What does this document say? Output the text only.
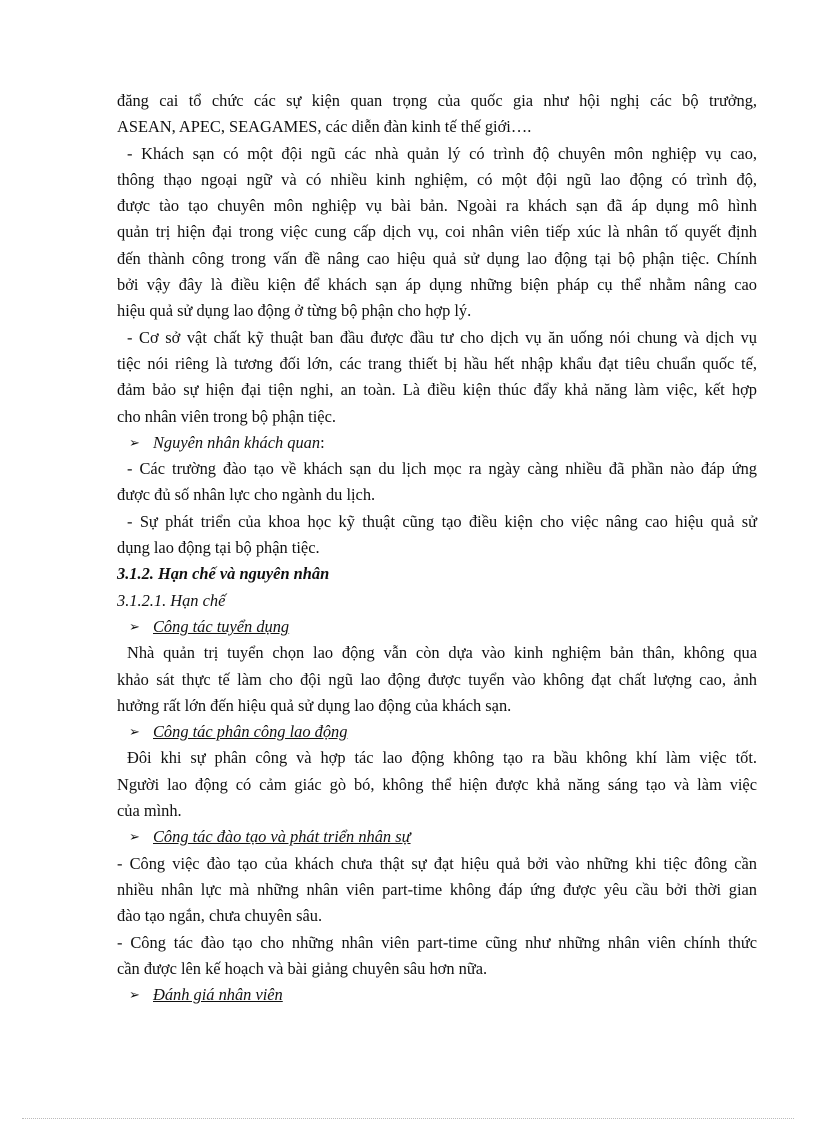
đăng cai tổ chức các sự kiện quan trọng của quốc gia như hội nghị các bộ trưởng,
ASEAN, APEC, SEAGAMES, các diễn đàn kinh tế thế giới….
- Khách sạn có một đội ngũ các nhà quản lý có trình độ chuyên môn nghiệp vụ cao,
thông thạo ngoại ngữ và có nhiều kinh nghiệm, có một đội ngũ lao động có trình độ,
được tào tạo chuyên môn nghiệp vụ bài bản. Ngoài ra khách sạn đã áp dụng mô hình
quản trị hiện đại trong việc cung cấp dịch vụ, coi nhân viên tiếp xúc là nhân tố quyết định
đến thành công trong vấn đề nâng cao hiệu quả sử dụng lao động tại bộ phận tiệc. Chính
bởi vậy đây là điều kiện để khách sạn áp dụng những biện pháp cụ thể nhằm nâng cao
hiệu quả sử dụng lao động ở từng bộ phận cho hợp lý.
- Cơ sở vật chất kỹ thuật ban đầu được đầu tư cho dịch vụ ăn uống nói chung và dịch vụ
tiệc nói riêng là tương đối lớn, các trang thiết bị hầu hết nhập khẩu đạt tiêu chuẩn quốc tế,
đảm bảo sự hiện đại tiện nghi, an toàn. Là điều kiện thúc đẩy khả năng làm việc, kết hợp
cho nhân viên trong bộ phận tiệc.
➢ Nguyên nhân khách quan:
- Các trường đào tạo về khách sạn du lịch mọc ra ngày càng nhiều đã phần nào đáp ứng
được đủ số nhân lực cho ngành du lịch.
- Sự phát triển của khoa học kỹ thuật cũng tạo điều kiện cho việc nâng cao hiệu quả sử
dụng lao động tại bộ phận tiệc.
3.1.2. Hạn chế và nguyên nhân
3.1.2.1. Hạn chế
➢ Công tác tuyển dụng
Nhà quản trị tuyển chọn lao động vẫn còn dựa vào kinh nghiệm bản thân, không qua
khảo sát thực tế làm cho đội ngũ lao động được tuyển vào không đạt chất lượng cao, ảnh
hưởng rất lớn đến hiệu quả sử dụng lao động của khách sạn.
➢ Công tác phân công lao động
Đôi khi sự phân công và hợp tác lao động không tạo ra bầu không khí làm việc tốt.
Người lao động có cảm giác gò bó, không thể hiện được khả năng sáng tạo và làm việc
của mình.
➢ Công tác đào tạo và phát triển nhân sự
- Công việc đào tạo của khách chưa thật sự đạt hiệu quả bởi vào những khi tiệc đông cần
nhiều nhân lực mà những nhân viên part-time không đáp ứng được yêu cầu bởi thời gian
đào tạo ngắn, chưa chuyên sâu.
- Công tác đào tạo cho những nhân viên part-time cũng như những nhân viên chính thức
cần được lên kế hoạch và bài giảng chuyên sâu hơn nữa.
➢ Đánh giá nhân viên
